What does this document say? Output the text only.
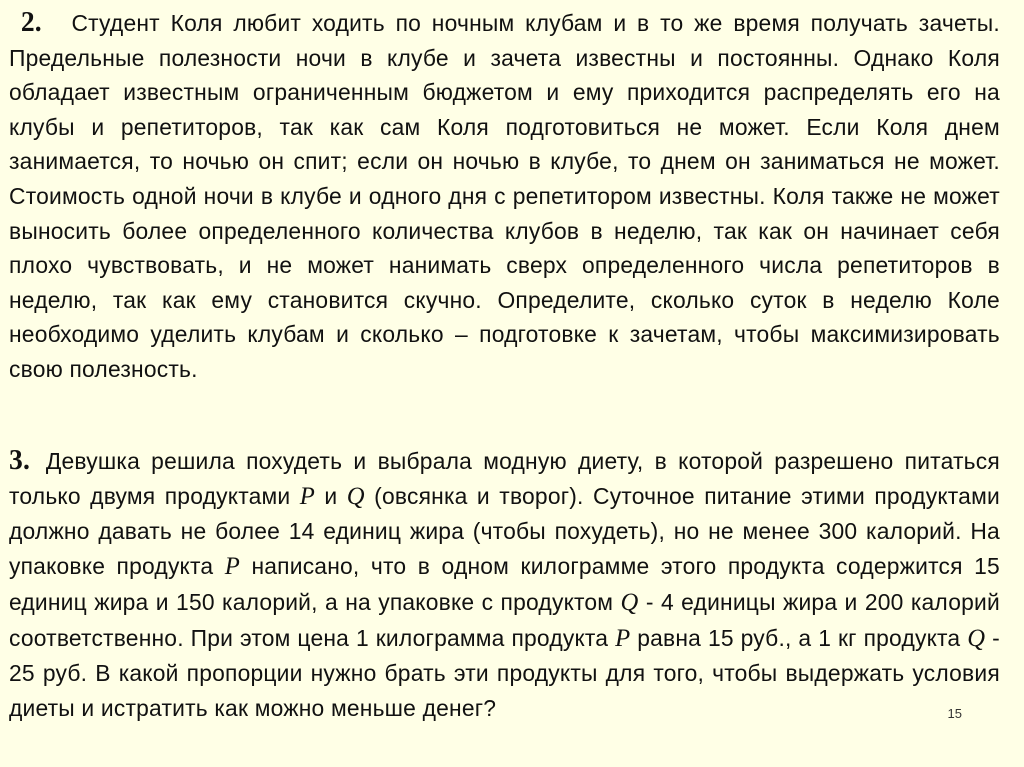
2. Студент Коля любит ходить по ночным клубам и в то же время получать зачеты. Предельные полезности ночи в клубе и зачета известны и постоянны. Однако Коля обладает известным ограниченным бюджетом и ему приходится распределять его на клубы и репетиторов, так как сам Коля подготовиться не может. Если Коля днем занимается, то ночью он спит; если он ночью в клубе, то днем он заниматься не может. Стоимость одной ночи в клубе и одного дня с репетитором известны. Коля также не может выносить более определенного количества клубов в неделю, так как он начинает себя плохо чувствовать, и не может нанимать сверх определенного числа репетиторов в неделю, так как ему становится скучно. Определите, сколько суток в неделю Коле необходимо уделить клубам и сколько – подготовке к зачетам, чтобы максимизировать свою полезность.

3. Девушка решила похудеть и выбрала модную диету, в которой разрешено питаться только двумя продуктами P и Q (овсянка и творог). Суточное питание этими продуктами должно давать не более 14 единиц жира (чтобы похудеть), но не менее 300 калорий. На упаковке продукта P написано, что в одном килограмме этого продукта содержится 15 единиц жира и 150 калорий, а на упаковке с продуктом Q - 4 единицы жира и 200 калорий соответственно. При этом цена 1 килограмма продукта P равна 15 руб., а 1 кг продукта Q - 25 руб. В какой пропорции нужно брать эти продукты для того, чтобы выдержать условия диеты и истратить как можно меньше денег?	15
